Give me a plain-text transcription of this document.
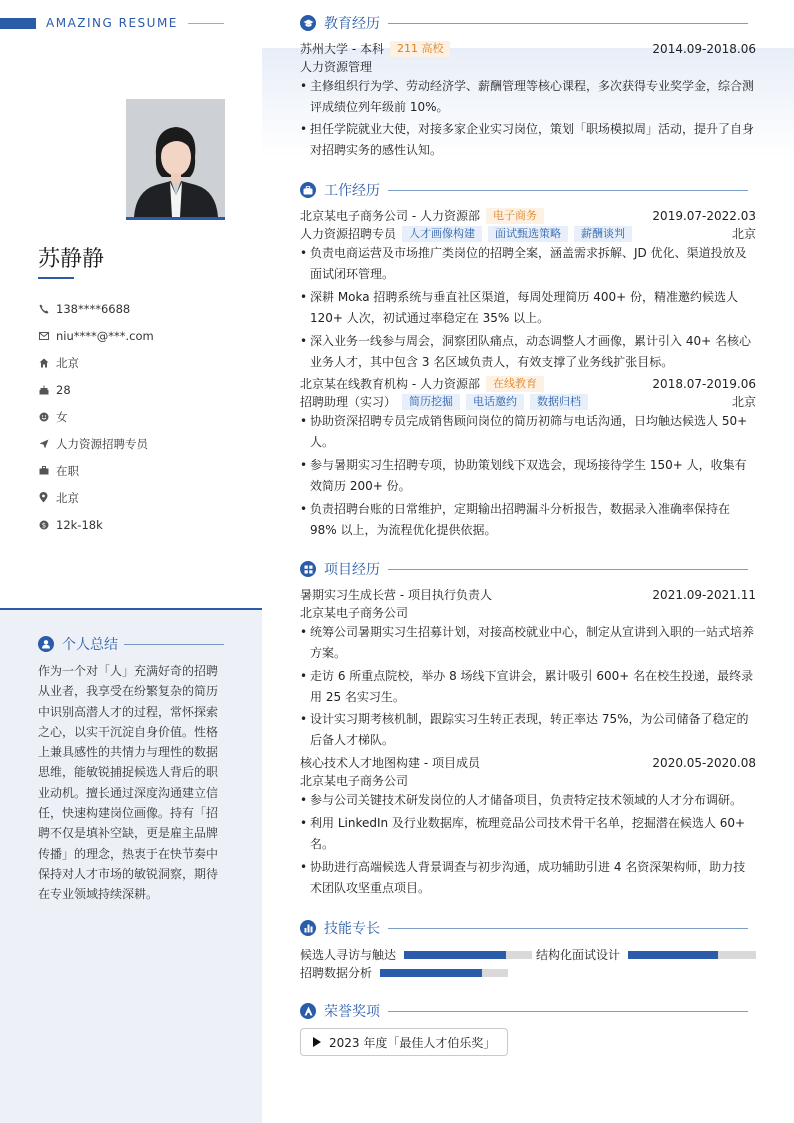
AMAZING RESUME
苏静静
138****6688
niu****@***.com
北京
28
女
人力资源招聘专员
在职
北京
$ 12k-18k
个人总结
作为一个对「人」充满好奇的招聘从业者，我享受在纷繁复杂的简历中识别高潜人才的过程，常怀探索之心，以实干沉淀自身价值。性格上兼具感性的共情力与理性的数据思维，能敏锐捕捉候选人背后的职业动机。擅长通过深度沟通建立信任，快速构建岗位画像。持有「招聘不仅是填补空缺，更是雇主品牌传播」的理念，热衷于在快节奏中保持对人才市场的敏锐洞察，期待在专业领域持续深耕。
教育经历
苏州大学 - 本科	211 高校	2014.09-2018.06
人力资源管理
• 主修组织行为学、劳动经济学、薪酬管理等核心课程，多次获得专业奖学金，综合测评成绩位列年级前 10%。
• 担任学院就业大使，对接多家企业实习岗位，策划「职场模拟周」活动，提升了自身对招聘实务的感性认知。
工作经历
北京某电子商务公司 - 人力资源部	电子商务	2019.07-2022.03
人力资源招聘专员	人才画像构建	面试甄选策略	薪酬谈判	北京
• 负责电商运营及市场推广类岗位的招聘全案，涵盖需求拆解、JD 优化、渠道投放及面试闭环管理。
• 深耕 Moka 招聘系统与垂直社区渠道，每周处理简历 400+ 份，精准邀约候选人 120+ 人次，初试通过率稳定在 35% 以上。
• 深入业务一线参与周会，洞察团队痛点，动态调整人才画像，累计引入 40+ 名核心业务人才，其中包含 3 名区域负责人，有效支撑了业务线扩张目标。
北京某在线教育机构 - 人力资源部	在线教育	2018.07-2019.06
招聘助理（实习）	简历挖掘	电话邀约	数据归档	北京
• 协助资深招聘专员完成销售顾问岗位的简历初筛与电话沟通，日均触达候选人 50+ 人。
• 参与暑期实习生招聘专项，协助策划线下双选会，现场接待学生 150+ 人，收集有效简历 200+ 份。
• 负责招聘台账的日常维护，定期输出招聘漏斗分析报告，数据录入准确率保持在 98% 以上，为流程优化提供依据。
项目经历
暑期实习生成长营 - 项目执行负责人	2021.09-2021.11
北京某电子商务公司
• 统筹公司暑期实习生招募计划，对接高校就业中心，制定从宣讲到入职的一站式培养方案。
• 走访 6 所重点院校，举办 8 场线下宣讲会，累计吸引 600+ 名在校生投递，最终录用 25 名实习生。
• 设计实习期考核机制，跟踪实习生转正表现，转正率达 75%，为公司储备了稳定的后备人才梯队。
核心技术人才地图构建 - 项目成员	2020.05-2020.08
北京某电子商务公司
• 参与公司关键技术研发岗位的人才储备项目，负责特定技术领域的人才分布调研。
• 利用 LinkedIn 及行业数据库，梳理竞品公司技术骨干名单，挖掘潜在候选人 60+ 名。
• 协助进行高端候选人背景调查与初步沟通，成功辅助引进 4 名资深架构师，助力技术团队攻坚重点项目。
技能专长
候选人寻访与触达	结构化面试设计
招聘数据分析
荣誉奖项
2023 年度「最佳人才伯乐奖」
